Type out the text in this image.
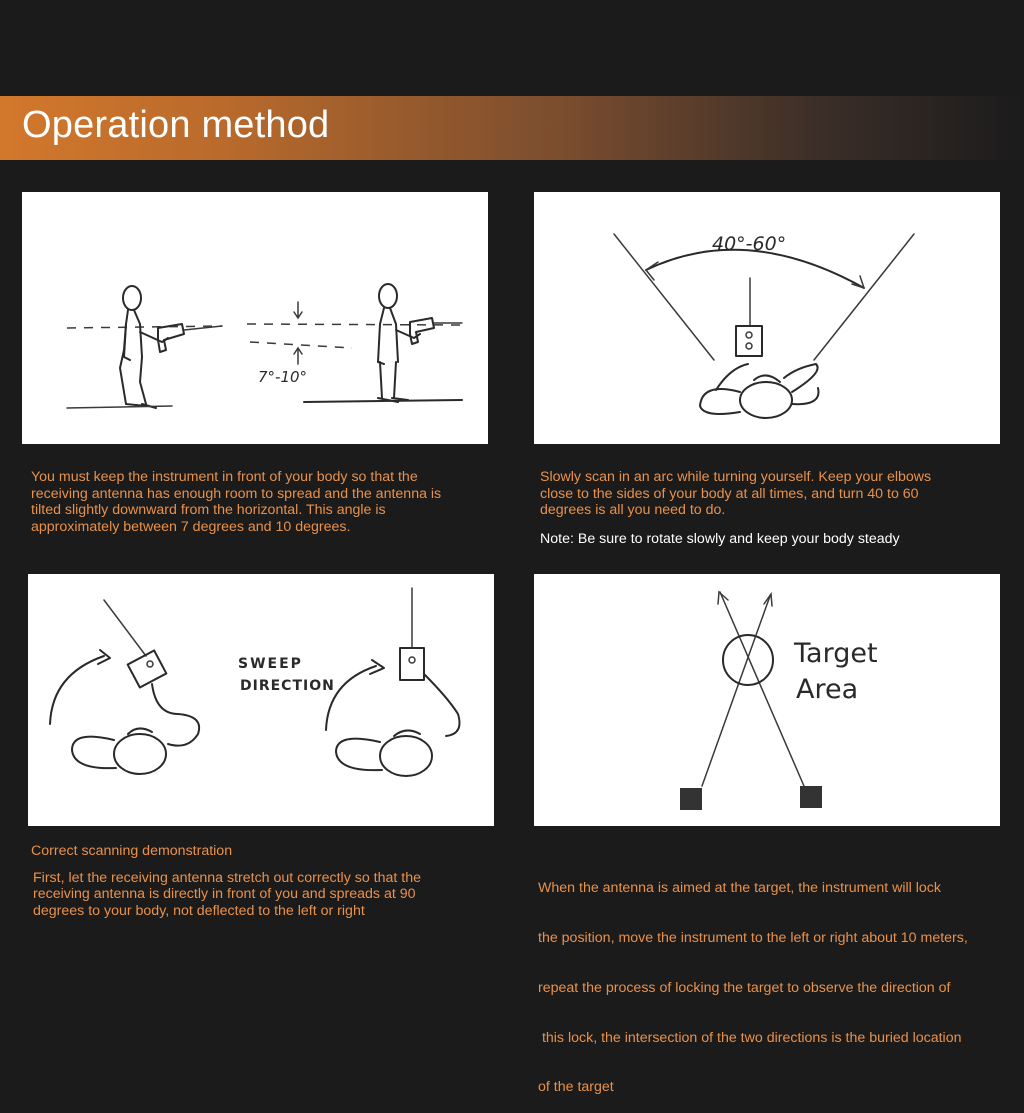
Operation method
7°-10°
40°-60°
SWEEP
DIRECTION
Target
Area

You must keep the instrument in front of your body so that the

receiving antenna has enough room to spread and the antenna is

tilted slightly downward from the horizontal. This angle is

approximately between 7 degrees and 10 degrees.

Slowly scan in an arc while turning yourself. Keep your elbows

close to the sides of your body at all times, and turn 40 to 60

degrees is all you need to do.

Note: Be sure to rotate slowly and keep your body steady

Correct scanning demonstration

First, let the receiving antenna stretch out correctly so that the

receiving antenna is directly in front of you and spreads at 90

degrees to your body, not deflected to the left or right

When the antenna is aimed at the target, the instrument will lock

the position, move the instrument to the left or right about 10 meters,

repeat the process of locking the target to observe the direction of

this lock, the intersection of the two directions is the buried location

of the target
